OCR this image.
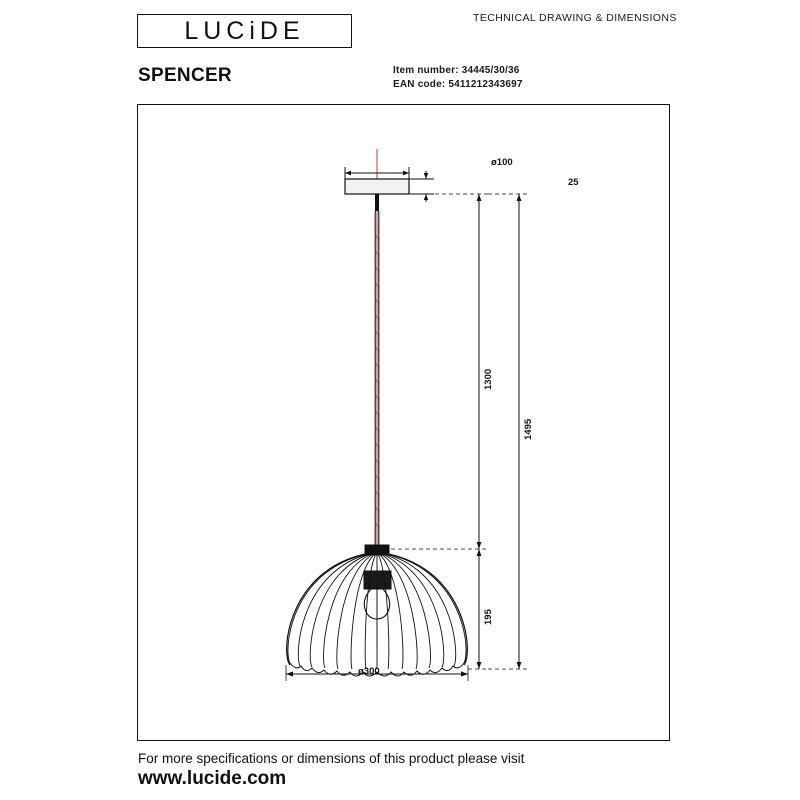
LUCiDE	TECHNICAL DRAWING & DIMENSIONS
SPENCER	Item number: 34445/30/36
EAN code: 5411212343697
ø100
25
1300
195
1495
ø300
For more specifications or dimensions of this product please visit
www.lucide.com
